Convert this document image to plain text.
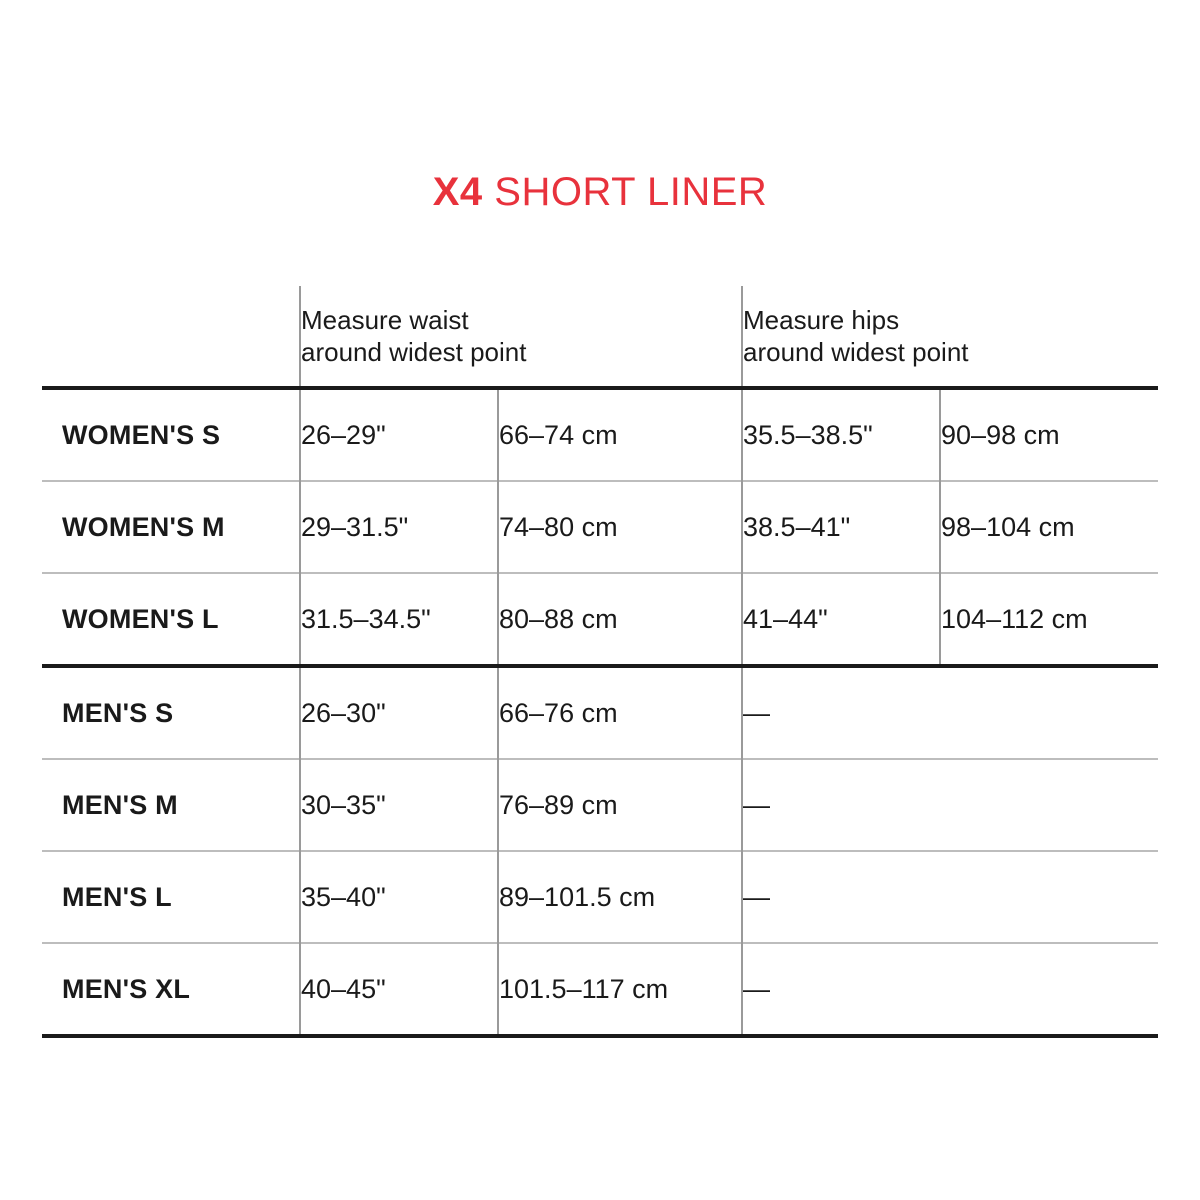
X4 SHORT LINER

Measure waist
around widest point

Measure hips
around widest point

WOMEN'S S	26–29"	66–74 cm	35.5–38.5"	90–98 cm
WOMEN'S M	29–31.5"	74–80 cm	38.5–41"	98–104 cm
WOMEN'S L	31.5–34.5"	80–88 cm	41–44"	104–112 cm
MEN'S S	26–30"	66–76 cm	—	
MEN'S M	30–35"	76–89 cm	—	
MEN'S L	35–40"	89–101.5 cm	—	
MEN'S XL	40–45"	101.5–117 cm	—	
